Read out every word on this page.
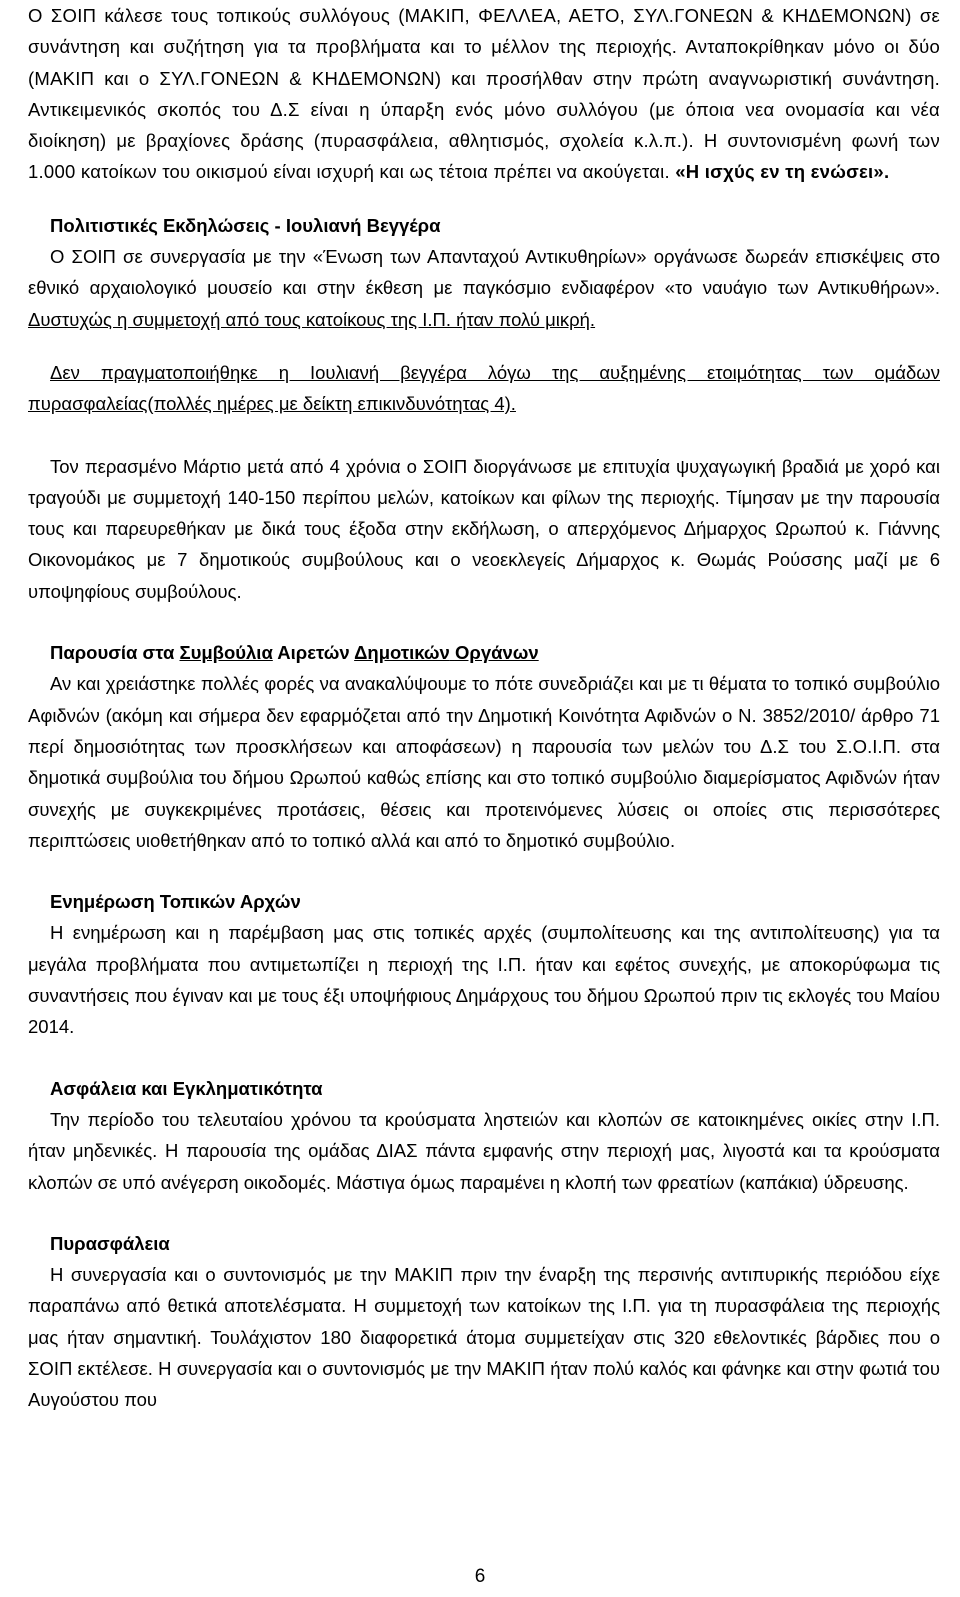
Ο ΣΟΙΠ κάλεσε τους τοπικούς συλλόγους (ΜΑΚΙΠ, ΦΕΛΛΕΑ, ΑΕΤΟ, ΣΥΛ.ΓΟΝΕΩΝ & ΚΗΔΕΜΟΝΩΝ) σε συνάντηση και συζήτηση για τα προβλήματα και το μέλλον της περιοχής. Ανταποκρίθηκαν μόνο οι δύο (ΜΑΚΙΠ και ο ΣΥΛ.ΓΟΝΕΩΝ & ΚΗΔΕΜΟΝΩΝ) και προσήλθαν στην πρώτη αναγνωριστική συνάντηση. Αντικειμενικός σκοπός του Δ.Σ είναι η ύπαρξη ενός μόνο συλλόγου (με όποια νεα ονομασία και νέα διοίκηση) με βραχίονες δράσης (πυρασφάλεια, αθλητισμός, σχολεία κ.λ.π.). Η συντονισμένη φωνή των 1.000 κατοίκων του οικισμού είναι ισχυρή και ως τέτοια πρέπει να ακούγεται. «Η ισχύς εν τη ενώσει».

Πολιτιστικές Εκδηλώσεις - Ιουλιανή Βεγγέρα

Ο ΣΟΙΠ σε συνεργασία με την «Ένωση των Απανταχού Αντικυθηρίων» οργάνωσε δωρεάν επισκέψεις στο εθνικό αρχαιολογικό μουσείο και στην έκθεση με παγκόσμιο ενδιαφέρον «το ναυάγιο των Αντικυθήρων». Δυστυχώς η συμμετοχή από τους κατοίκους της Ι.Π. ήταν πολύ μικρή.

Δεν πραγματοποιήθηκε η Ιουλιανή βεγγέρα λόγω της αυξημένης ετοιμότητας των ομάδων πυρασφαλείας(πολλές ημέρες με δείκτη επικινδυνότητας 4).

Τον περασμένο Μάρτιο μετά από 4 χρόνια ο ΣΟΙΠ διοργάνωσε με επιτυχία ψυχαγωγική βραδιά με χορό και τραγούδι με συμμετοχή 140-150 περίπου μελών, κατοίκων και φίλων της περιοχής. Τίμησαν με την παρουσία τους και παρευρεθήκαν με δικά τους έξοδα στην εκδήλωση, ο απερχόμενος Δήμαρχος Ωρωπού κ. Γιάννης Οικονομάκος με 7 δημοτικούς συμβούλους και ο νεοεκλεγείς Δήμαρχος κ. Θωμάς Ρούσσης μαζί με 6 υποψηφίους συμβούλους.

Παρουσία στα Συμβούλια Αιρετών Δημοτικών Οργάνων

Αν και χρειάστηκε πολλές φορές να ανακαλύψουμε το πότε συνεδριάζει και με τι θέματα το τοπικό συμβούλιο Αφιδνών (ακόμη και σήμερα δεν εφαρμόζεται από την Δημοτική Κοινότητα Αφιδνών ο Ν. 3852/2010/ άρθρο 71 περί δημοσιότητας των προσκλήσεων και αποφάσεων) η παρουσία των μελών του Δ.Σ του Σ.Ο.Ι.Π. στα δημοτικά συμβούλια του δήμου Ωρωπού καθώς επίσης και στο τοπικό συμβούλιο διαμερίσματος Αφιδνών ήταν συνεχής με συγκεκριμένες προτάσεις, θέσεις και προτεινόμενες λύσεις οι οποίες στις περισσότερες περιπτώσεις υιοθετήθηκαν από το τοπικό αλλά και από το δημοτικό συμβούλιο.

Ενημέρωση Τοπικών Αρχών

Η ενημέρωση και η παρέμβαση μας στις τοπικές αρχές (συμπολίτευσης και της αντιπολίτευσης) για τα μεγάλα προβλήματα που αντιμετωπίζει η περιοχή της Ι.Π. ήταν και εφέτος συνεχής, με αποκορύφωμα τις συναντήσεις που έγιναν και με τους έξι υποψήφιους Δημάρχους του δήμου Ωρωπού πριν τις εκλογές του Μαίου 2014.

Ασφάλεια και Εγκληματικότητα

Την περίοδο του τελευταίου χρόνου τα κρούσματα ληστειών και κλοπών σε κατοικημένες οικίες στην Ι.Π. ήταν μηδενικές. Η παρουσία της ομάδας ΔΙΑΣ πάντα εμφανής στην περιοχή μας, λιγοστά και τα κρούσματα κλοπών σε υπό ανέγερση οικοδομές. Μάστιγα όμως παραμένει η κλοπή των φρεατίων (καπάκια) ύδρευσης.

Πυρασφάλεια

Η συνεργασία και ο συντονισμός με την ΜΑΚΙΠ πριν την έναρξη της περσινής αντιπυρικής περιόδου είχε παραπάνω από θετικά αποτελέσματα. Η συμμετοχή των κατοίκων της Ι.Π. για τη πυρασφάλεια της περιοχής μας ήταν σημαντική. Τουλάχιστον 180 διαφορετικά άτομα συμμετείχαν στις 320 εθελοντικές βάρδιες που ο ΣΟΙΠ εκτέλεσε. Η συνεργασία και ο συντονισμός με την ΜΑΚΙΠ ήταν πολύ καλός και φάνηκε και στην φωτιά του Αυγούστου που

6
